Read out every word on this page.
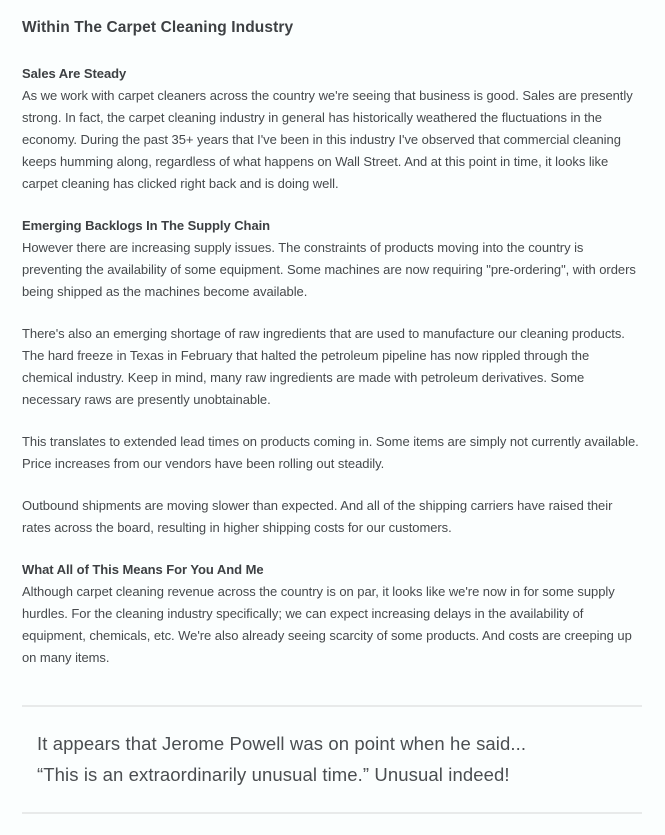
Within The Carpet Cleaning Industry
Sales Are Steady

As we work with carpet cleaners across the country we're seeing that business is good. Sales are presently strong. In fact, the carpet cleaning industry in general has historically weathered the fluctuations in the economy. During the past 35+ years that I've been in this industry I've observed that commercial cleaning keeps humming along, regardless of what happens on Wall Street. And at this point in time, it looks like carpet cleaning has clicked right back and is doing well.

Emerging Backlogs In The Supply Chain

However there are increasing supply issues. The constraints of products moving into the country is preventing the availability of some equipment. Some machines are now requiring "pre-ordering", with orders being shipped as the machines become available.

There's also an emerging shortage of raw ingredients that are used to manufacture our cleaning products. The hard freeze in Texas in February that halted the petroleum pipeline has now rippled through the chemical industry. Keep in mind, many raw ingredients are made with petroleum derivatives. Some necessary raws are presently unobtainable.

This translates to extended lead times on products coming in. Some items are simply not currently available. Price increases from our vendors have been rolling out steadily.

Outbound shipments are moving slower than expected. And all of the shipping carriers have raised their rates across the board, resulting in higher shipping costs for our customers.

What All of This Means For You And Me

Although carpet cleaning revenue across the country is on par, it looks like we're now in for some supply hurdles. For the cleaning industry specifically; we can expect increasing delays in the availability of equipment, chemicals, etc. We're also already seeing scarcity of some products. And costs are creeping up on many items.

It appears that Jerome Powell was on point when he said...

“This is an extraordinarily unusual time.” Unusual indeed!
